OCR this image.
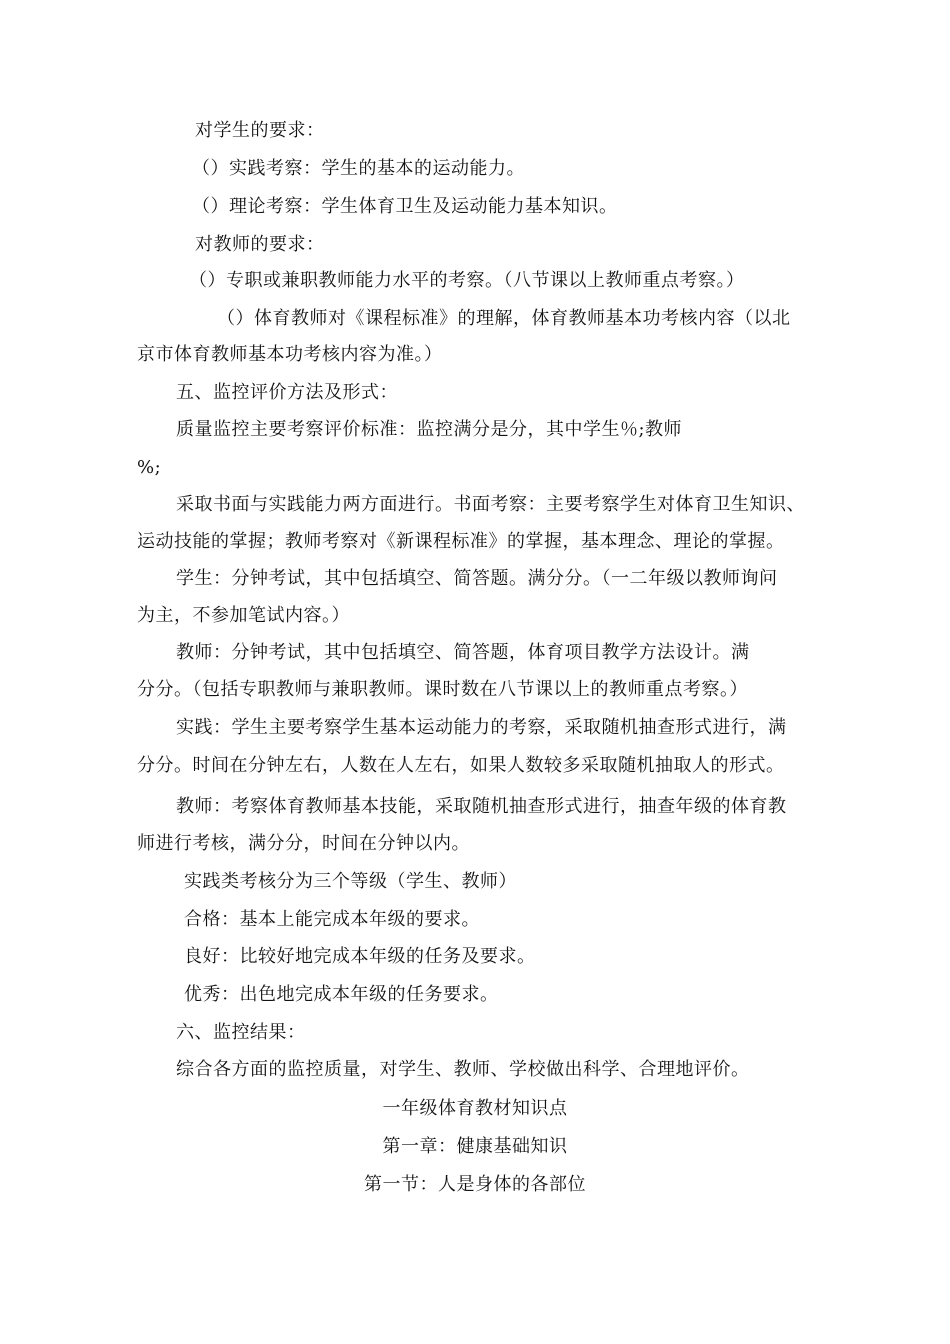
对学生的要求：
（）实践考察：学生的基本的运动能力。
（）理论考察：学生体育卫生及运动能力基本知识。
对教师的要求：
（）专职或兼职教师能力水平的考察。（八节课以上教师重点考察。）
（）体育教师对《课程标准》的理解，体育教师基本功考核内容（以北
京市体育教师基本功考核内容为准。）
五、监控评价方法及形式：
质量监控主要考察评价标准：监控满分是分，其中学生％;教师
%;
采取书面与实践能力两方面进行。书面考察：主要考察学生对体育卫生知识、
运动技能的掌握；教师考察对《新课程标准》的掌握，基本理念、理论的掌握。
学生：分钟考试，其中包括填空、简答题。满分分。（一二年级以教师询问
为主，不参加笔试内容。）
教师：分钟考试，其中包括填空、简答题，体育项目教学方法设计。满
分分。（包括专职教师与兼职教师。课时数在八节课以上的教师重点考察。）
实践：学生主要考察学生基本运动能力的考察，采取随机抽查形式进行，满
分分。时间在分钟左右，人数在人左右，如果人数较多采取随机抽取人的形式。
教师：考察体育教师基本技能，采取随机抽查形式进行，抽查年级的体育教
师进行考核，满分分，时间在分钟以内。
实践类考核分为三个等级（学生、教师）
合格：基本上能完成本年级的要求。
良好：比较好地完成本年级的任务及要求。
优秀：出色地完成本年级的任务要求。
六、监控结果：
综合各方面的监控质量，对学生、教师、学校做出科学、合理地评价。
一年级体育教材知识点
第一章：健康基础知识
第一节：人是身体的各部位
